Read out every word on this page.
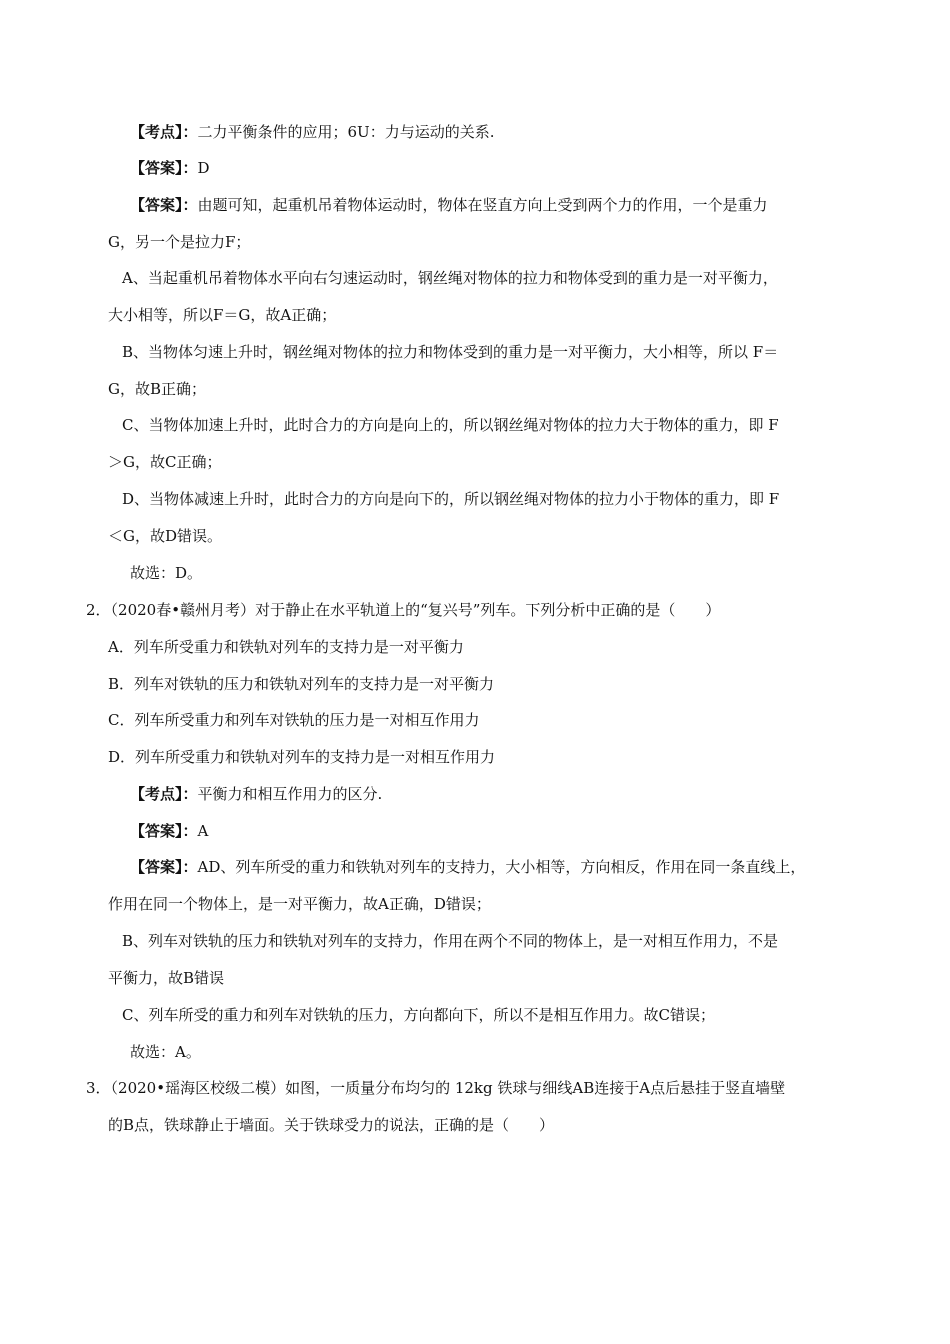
【考点】：二力平衡条件的应用；6U：力与运动的关系.
【答案】：D
【答案】：由题可知，起重机吊着物体运动时，物体在竖直方向上受到两个力的作用，一个是重力
G，另一个是拉力F；
A、当起重机吊着物体水平向右匀速运动时，钢丝绳对物体的拉力和物体受到的重力是一对平衡力，
大小相等，所以F＝G，故A正确；
B、当物体匀速上升时，钢丝绳对物体的拉力和物体受到的重力是一对平衡力，大小相等，所以 F＝
G，故B正确；
C、当物体加速上升时，此时合力的方向是向上的，所以钢丝绳对物体的拉力大于物体的重力，即 F
＞G，故C正确；
D、当物体减速上升时，此时合力的方向是向下的，所以钢丝绳对物体的拉力小于物体的重力，即 F
＜G，故D错误。
故选：D。
2．（2020春•赣州月考）对于静止在水平轨道上的“复兴号”列车。下列分析中正确的是（　　）
A．列车所受重力和铁轨对列车的支持力是一对平衡力
B．列车对铁轨的压力和铁轨对列车的支持力是一对平衡力
C．列车所受重力和列车对铁轨的压力是一对相互作用力
D．列车所受重力和铁轨对列车的支持力是一对相互作用力
【考点】：平衡力和相互作用力的区分.
【答案】：A
【答案】：AD、列车所受的重力和铁轨对列车的支持力，大小相等，方向相反，作用在同一条直线上，
作用在同一个物体上，是一对平衡力，故A正确，D错误；
B、列车对铁轨的压力和铁轨对列车的支持力，作用在两个不同的物体上，是一对相互作用力，不是
平衡力，故B错误
C、列车所受的重力和列车对铁轨的压力，方向都向下，所以不是相互作用力。故C错误；
故选：A。
3．（2020•瑶海区校级二模）如图，一质量分布均匀的 12kg 铁球与细线AB连接于A点后悬挂于竖直墙壁
的B点，铁球静止于墙面。关于铁球受力的说法，正确的是（　　）
